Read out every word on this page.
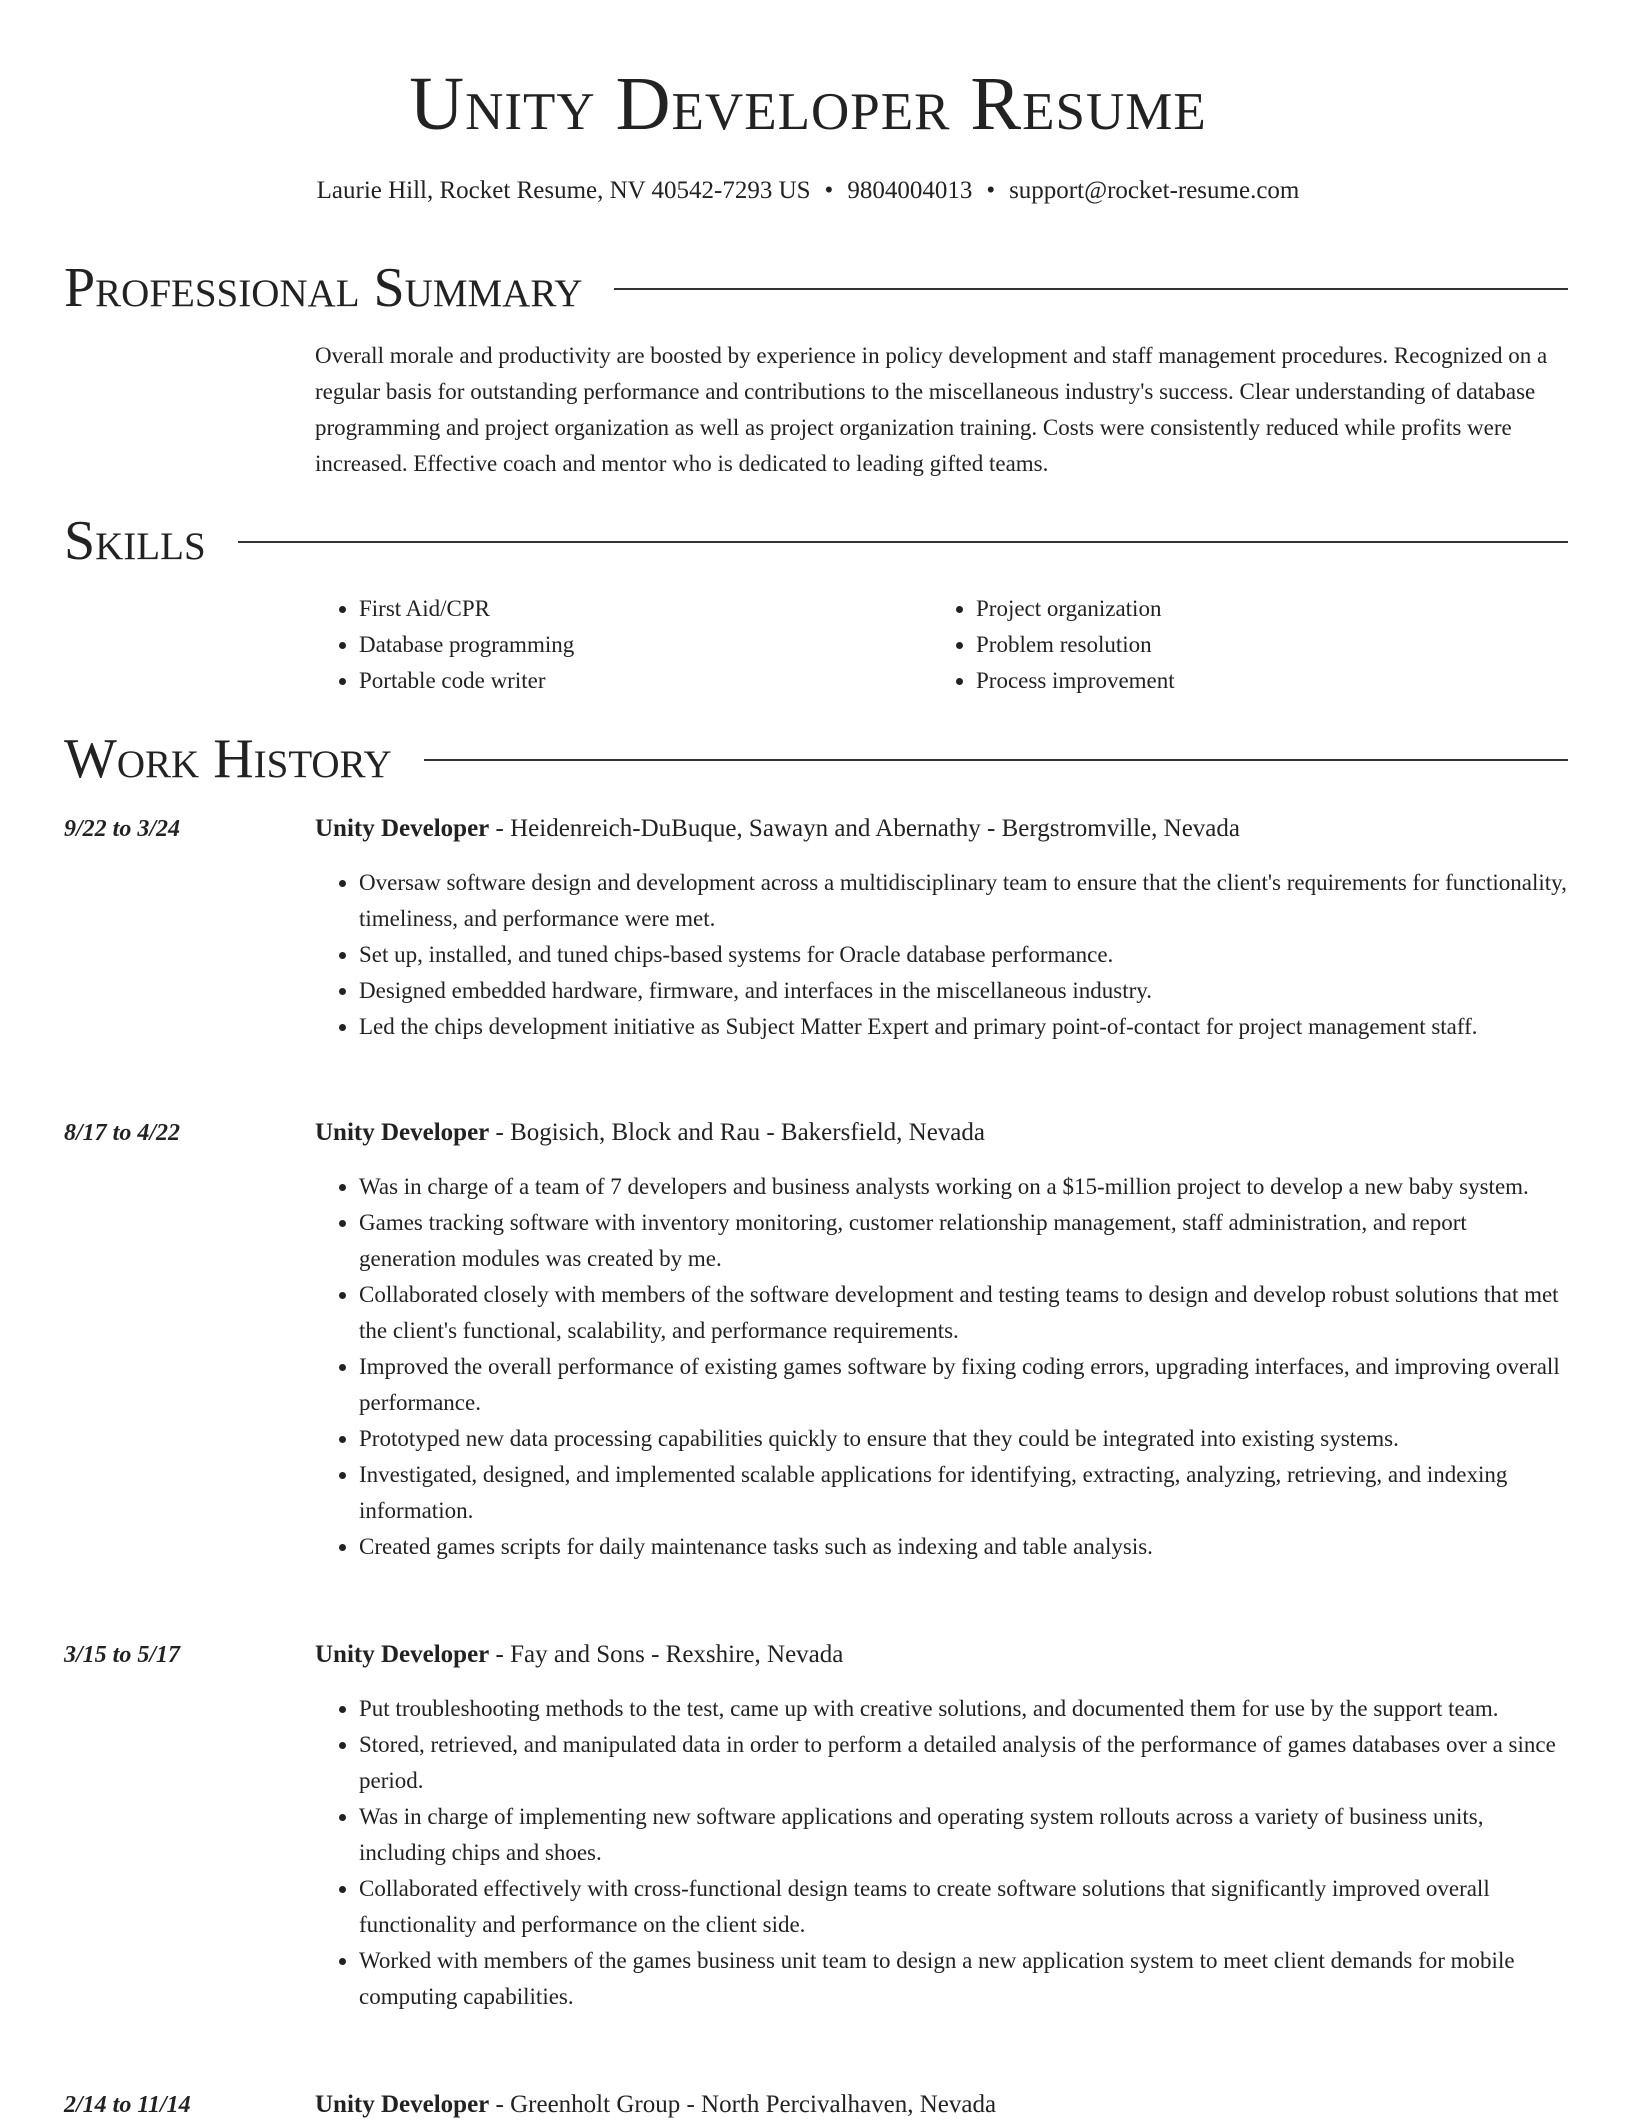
Unity Developer Resume
Laurie Hill, Rocket Resume, NV 40542-7293 US • 9804004013 • support@rocket-resume.com
Professional Summary

Overall morale and productivity are boosted by experience in policy development and staff management procedures. Recognized on a regular basis for outstanding performance and contributions to the miscellaneous industry's success. Clear understanding of database programming and project organization as well as project organization training. Costs were consistently reduced while profits were increased. Effective coach and mentor who is dedicated to leading gifted teams.

Skills
• First Aid/CPR
• Database programming
• Portable code writer
• Project organization
• Problem resolution
• Process improvement
Work History
9/22 to 3/24	Unity Developer - Heidenreich-DuBuque, Sawayn and Abernathy - Bergstromville, Nevada
• Oversaw software design and development across a multidisciplinary team to ensure that the client's requirements for functionality, timeliness, and performance were met.
• Set up, installed, and tuned chips-based systems for Oracle database performance.
• Designed embedded hardware, firmware, and interfaces in the miscellaneous industry.
• Led the chips development initiative as Subject Matter Expert and primary point-of-contact for project management staff.
8/17 to 4/22	Unity Developer - Bogisich, Block and Rau - Bakersfield, Nevada
• Was in charge of a team of 7 developers and business analysts working on a $15-million project to develop a new baby system.
• Games tracking software with inventory monitoring, customer relationship management, staff administration, and report generation modules was created by me.
• Collaborated closely with members of the software development and testing teams to design and develop robust solutions that met the client's functional, scalability, and performance requirements.
• Improved the overall performance of existing games software by fixing coding errors, upgrading interfaces, and improving overall performance.
• Prototyped new data processing capabilities quickly to ensure that they could be integrated into existing systems.
• Investigated, designed, and implemented scalable applications for identifying, extracting, analyzing, retrieving, and indexing information.
• Created games scripts for daily maintenance tasks such as indexing and table analysis.
3/15 to 5/17	Unity Developer - Fay and Sons - Rexshire, Nevada
• Put troubleshooting methods to the test, came up with creative solutions, and documented them for use by the support team.
• Stored, retrieved, and manipulated data in order to perform a detailed analysis of the performance of games databases over a since period.
• Was in charge of implementing new software applications and operating system rollouts across a variety of business units, including chips and shoes.
• Collaborated effectively with cross-functional design teams to create software solutions that significantly improved overall functionality and performance on the client side.
• Worked with members of the games business unit team to design a new application system to meet client demands for mobile computing capabilities.
2/14 to 11/14	Unity Developer - Greenholt Group - North Percivalhaven, Nevada
